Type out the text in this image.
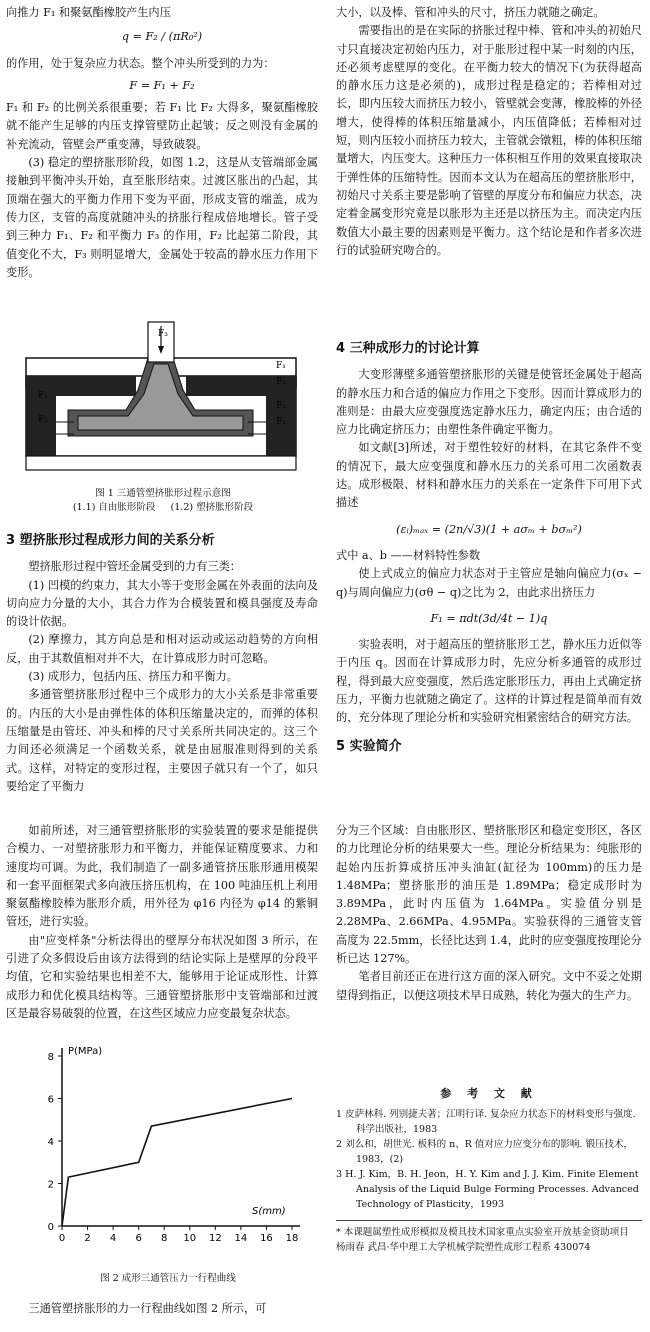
向推力 F₁ 和聚氨酯橡胶产生内压

q = F₂ / (πR₀²)

的作用，处于复杂应力状态。整个冲头所受到的力为：

F = F₁ + F₂

F₁ 和 F₂ 的比例关系很重要；若 F₁ 比 F₂ 大得多，聚氨酯橡胶就不能产生足够的内压支撑管壁防止起皱；反之则没有金属的补充流动，管壁会严重变薄，导致破裂。

(3) 稳定的塑挤胀形阶段，如图 1.2，这是从支管端部金属接触到平衡冲头开始，直至胀形结束。过渡区胀出的凸起，其顶端在强大的平衡力作用下变为平面，形成支管的端盖，成为传力区，支管的高度就随冲头的挤胀行程成倍地增长。管子受到三种力 F₁、F₂ 和平衡力 F₃ 的作用，F₂ 比起第二阶段，其值变化不大，F₃ 则明显增大，金属处于较高的静水压力作用下变形。

F₃
F₁
F₂
F₁
F₂
F₂
F₁
图 1 三通管塑挤胀形过程示意图
(1.1) 自由胀形阶段 (1.2) 塑挤胀形阶段
3 塑挤胀形过程成形力间的关系分析

塑挤胀形过程中管坯金属受到的力有三类：

(1) 凹模的约束力，其大小等于变形金属在外表面的法向及切向应力分量的大小，其合力作为合模装置和模具强度及寿命的设计依据。

(2) 摩擦力，其方向总是和相对运动或运动趋势的方向相反，由于其数值相对并不大，在计算成形力时可忽略。

(3) 成形力，包括内压、挤压力和平衡力。

多通管塑挤胀形过程中三个成形力的大小关系是非常重要的。内压的大小是由弹性体的体积压缩量决定的，而弹的体积压缩量是由管坯、冲头和棒的尺寸关系所共同决定的。这三个力间还必须满足一个函数关系，就是由屈服准则得到的关系式。这样，对特定的变形过程，主要因子就只有一个了，如只要给定了平衡力

如前所述，对三通管塑挤胀形的实验装置的要求是能提供合模力、一对塑挤胀形力和平衡力，并能保证精度要求、力和速度均可调。为此，我们制造了一副多通管挤压胀形通用模架和一套平面框架式多向液压挤压机构，在 100 吨油压机上利用聚氨酯橡胶棒为胀形介质，用外径为 φ16 内径为 φ14 的紫铜管坯，进行实验。

由"应变样条"分析法得出的壁厚分布状况如图 3 所示，在引进了众多假设后由该方法得到的结论实际上是壁厚的分段平均值，它和实验结果也相差不大，能够用于论证成形性、计算成形力和优化模具结构等。三通管塑挤胀形中支管端部和过渡区是最容易破裂的位置，在这些区域应力应变最复杂状态。

0 2 4 6 8 10 12 14 16 18
0
2
4
6
8
P(MPa)
S(mm)
图 2 成形三通管压力一行程曲线

三通管塑挤胀形的力一行程曲线如图 2 所示，可

大小，以及棒、管和冲头的尺寸，挤压力就随之确定。

需要指出的是在实际的挤胀过程中棒、管和冲头的初始尺寸只直接决定初始内压力，对于胀形过程中某一时刻的内压，还必须考虑壁厚的变化。在平衡力较大的情况下(为获得超高的静水压力这是必须的)，成形过程是稳定的；若棒相对过长，即内压较大而挤压力较小，管壁就会变薄，橡胶棒的外径增大，使得棒的体积压缩量减小，内压值降低；若棒相对过短，则内压较小而挤压力较大，主管就会镦粗，棒的体积压缩量增大，内压变大。这种压力一体积相互作用的效果直接取决于弹性体的压缩特性。因而本文认为在超高压的塑挤胀形中，初始尺寸关系主要是影响了管壁的厚度分布和偏应力状态，决定着金属变形究竟是以胀形为主还是以挤压为主。而决定内压数值大小最主要的因素则是平衡力。这个结论是和作者多次进行的试验研究吻合的。

4 三种成形力的讨论计算

大变形薄壁多通管塑挤胀形的关键是使管坯金属处于超高的静水压力和合适的偏应力作用之下变形。因而计算成形力的准则是：由最大应变强度选定静水压力，确定内压；由合适的应力比确定挤压力；由塑性条件确定平衡力。

如文献[3]所述，对于塑性较好的材料，在其它条件不变的情况下，最大应变强度和静水压力的关系可用二次函数表达。成形极限、材料和静水压力的关系在一定条件下可用下式描述

(εᵢ)ₘₐₓ = (2n/√3)(1 + aσₘ + bσₘ²)

式中 a、b ——材料特性参数

使上式成立的偏应力状态对于主管应是轴向偏应力(σₓ − q)与周向偏应力(σθ − q)之比为 2，由此求出挤压力

F₁ = πdt(3d/4t − 1)q

实验表明，对于超高压的塑挤胀形工艺，静水压力近似等于内压 q。因而在计算成形力时，先应分析多通管的成形过程，得到最大应变强度，然后选定胀形压力，再由上式确定挤压力，平衡力也就随之确定了。这样的计算过程是简单而有效的，充分体现了理论分析和实验研究相紧密结合的研究方法。

5 实验简介

分为三个区域：自由胀形区、塑挤胀形区和稳定变形区，各区的力比理论分析的结果要大一些。理论分析结果为：纯胀形的起始内压折算成挤压冲头油缸(缸径为 100mm)的压力是 1.48MPa；塑挤胀形的油压是 1.89MPa；稳定成形时为 3.89MPa，此时内压值为 1.64MPa。实验值分别是 2.28MPa、2.66MPa、4.95MPa。实验获得的三通管支管高度为 22.5mm，长径比达到 1.4，此时的应变强度按理论分析已达 127%。

笔者目前还正在进行这方面的深入研究。文中不妥之处期望得到指正，以便这项技术早日成熟，转化为强大的生产力。

参 考 文 献
1 皮萨林科. 列别捷夫著；江明行译. 复杂应力状态下的材料变形与强度. 科学出版社，1983
2 刘么和，胡世光. 板料的 n、R 值对应力应变分布的影响. 锻压技术，1983，(2)
3 H. J. Kim，B. H. Jeon，H. Y. Kim and J. J. Kim. Finite Element Analysis of the Liquid Bulge Forming Processes. Advanced Technology of Plasticity，1993
* 本课题属塑性成形模拟及模具技术国家重点实验室开放基金资助项目
杨雨春 武昌·华中理工大学机械学院塑性成形工程系 430074
